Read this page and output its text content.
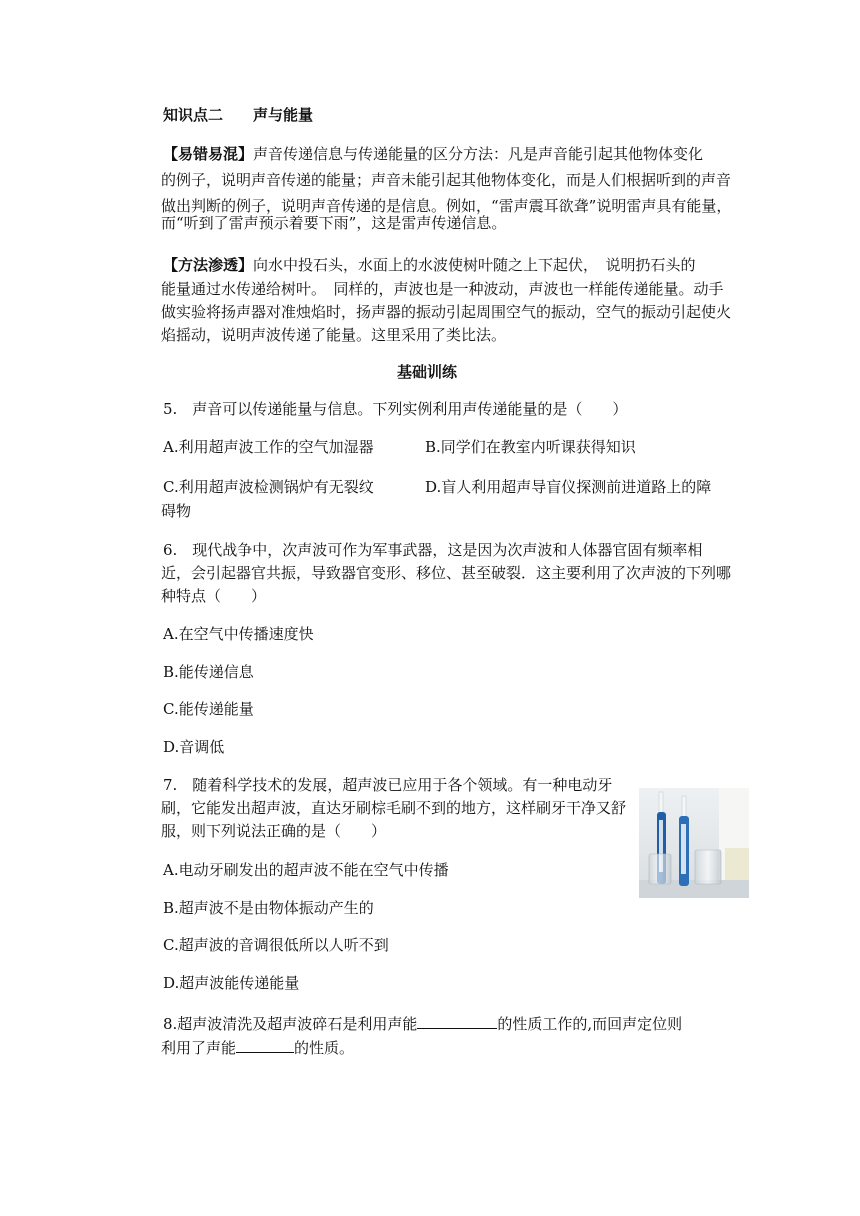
知识点二　　声与能量
【易错易混】声音传递信息与传递能量的区分方法：凡是声音能引起其他物体变化
的例子，说明声音传递的能量；声音未能引起其他物体变化，而是人们根据听到的声音
做出判断的例子，说明声音传递的是信息。例如，“雷声震耳欲聋”说明雷声具有能量，
而“听到了雷声预示着要下雨”，这是雷声传递信息。
【方法渗透】向水中投石头，水面上的水波使树叶随之上下起伏，　说明扔石头的
能量通过水传递给树叶。　同样的，声波也是一种波动，声波也一样能传递能量。动手
做实验将扬声器对准烛焰时，扬声器的振动引起周围空气的振动，空气的振动引起使火
焰摇动，说明声波传递了能量。这里采用了类比法。
基础训练
5.　声音可以传递能量与信息。下列实例利用声传递能量的是（　　）
A.利用超声波工作的空气加湿器	B.同学们在教室内听课获得知识
C.利用超声波检测锅炉有无裂纹	D.盲人利用超声导盲仪探测前进道路上的障
碍物
6.　现代战争中，次声波可作为军事武器，这是因为次声波和人体器官固有频率相
近，会引起器官共振，导致器官变形、移位、甚至破裂．这主要利用了次声波的下列哪
种特点（　　）
A.在空气中传播速度快
B.能传递信息
C.能传递能量
D.音调低
7.　随着科学技术的发展，超声波已应用于各个领域。有一种电动牙
刷，它能发出超声波，直达牙刷棕毛刷不到的地方，这样刷牙干净又舒
服，则下列说法正确的是（　　）
A.电动牙刷发出的超声波不能在空气中传播
B.超声波不是由物体振动产生的
C.超声波的音调很低所以人听不到
D.超声波能传递能量
8.超声波清洗及超声波碎石是利用声能	的性质工作的,而回声定位则
利用了声能	的性质。
